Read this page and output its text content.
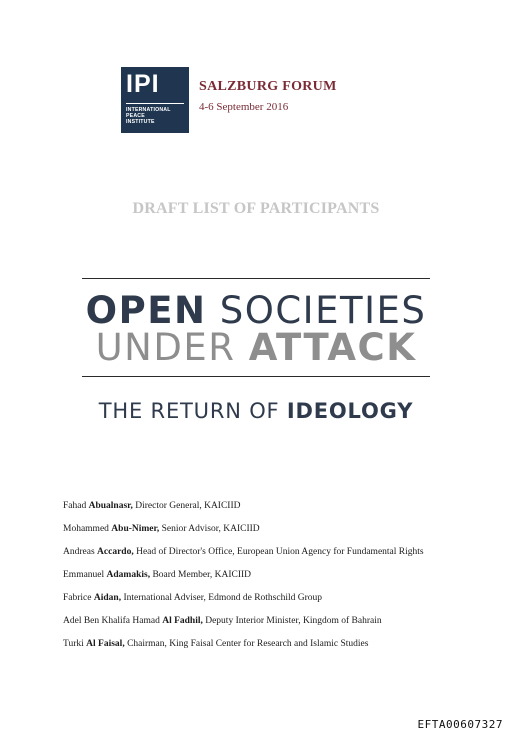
IPI
INTERNATIONAL
PEACE
INSTITUTE
SALZBURG FORUM
4-6 September 2016
DRAFT LIST OF PARTICIPANTS
OPEN SOCIETIES
UNDER ATTACK
THE RETURN OF IDEOLOGY
Fahad Abualnasr, Director General, KAICIID
Mohammed Abu-Nimer, Senior Advisor, KAICIID
Andreas Accardo, Head of Director's Office, European Union Agency for Fundamental Rights
Emmanuel Adamakis, Board Member, KAICIID
Fabrice Aidan, International Adviser, Edmond de Rothschild Group
Adel Ben Khalifa Hamad Al Fadhil, Deputy Interior Minister, Kingdom of Bahrain
Turki Al Faisal, Chairman, King Faisal Center for Research and Islamic Studies
EFTA00607327
